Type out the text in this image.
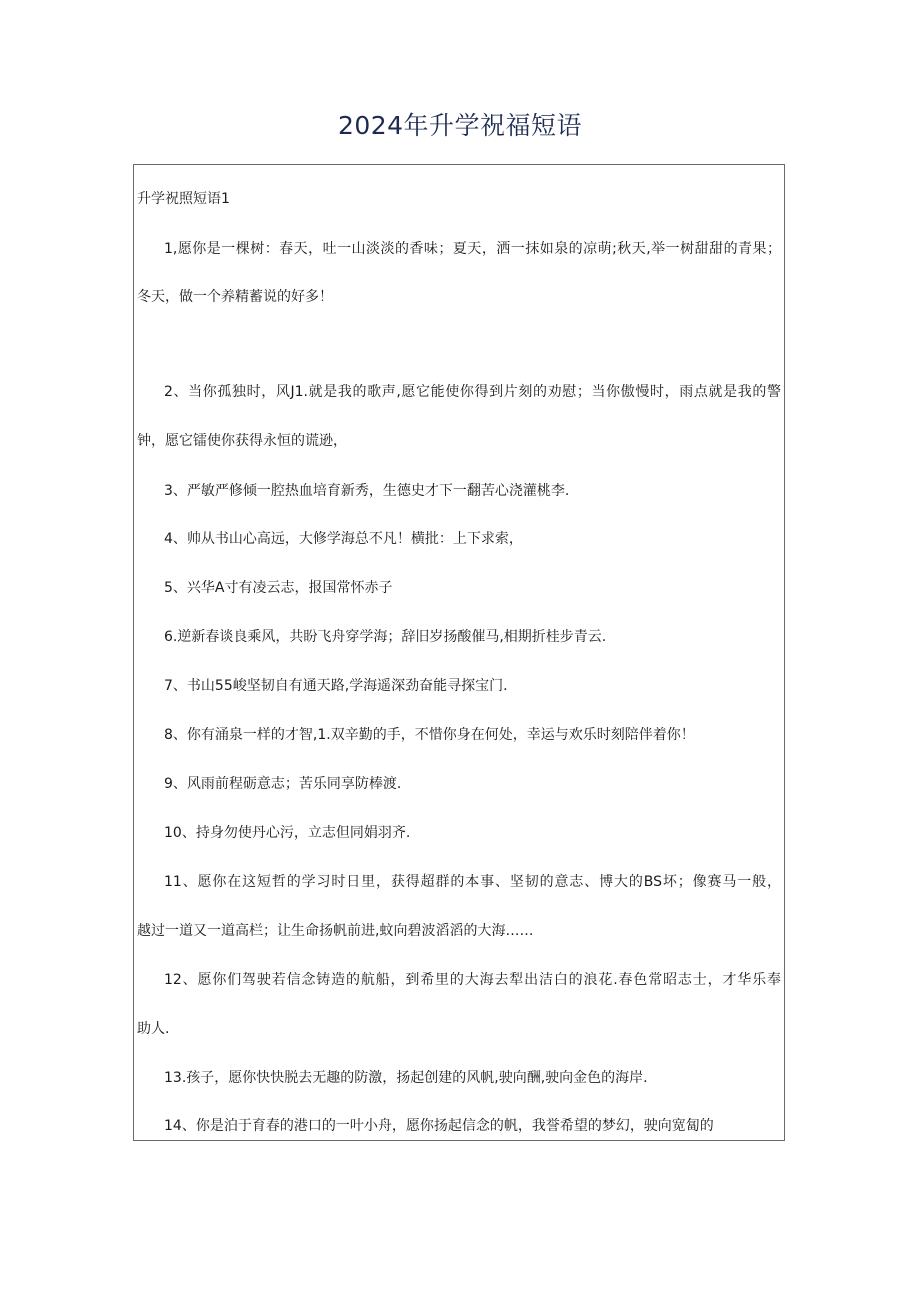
2024年升学祝福短语
升学祝照短语1
1,愿你是一棵树：春天，吐一山淡淡的香味；夏天，洒一抹如泉的凉萌;秋天,举一树甜甜的青果；
冬天，做一个养精蓄说的好多！
2、当你孤独时，风J1.就是我的歌声,愿它能使你得到片刻的劝慰；当你傲慢时，雨点就是我的警
钟，愿它镭使你获得永恒的谎逊，
3、严敏严修倾一腔热血培育新秀，生德史才下一翻苦心浇灌桃李.
4、帅从书山心高远，大修学海总不凡！横批：上下求索，
5、兴华A寸有凌云志，报国常怀赤子
6.逆新春谈良乘风，共盼飞舟穿学海；辞旧岁扬酸催马,相期折桂步青云.
7、书山55峻坚韧自有通天路,学海遥深劲奋能寻探宝门.
8、你有涌泉一样的才智,1.双辛勤的手，不惜你身在何处，幸运与欢乐时刻陪伴着你！
9、风雨前程砺意志；苦乐同享防棒渡.
10、持身勿使丹心污，立志但同娟羽齐.
11、愿你在这短哲的学习时日里，获得超群的本事、坚韧的意志、博大的BS坏；像赛马一般，
越过一道又一道高栏；让生命扬帆前进,蚊向碧波滔滔的大海……
12、愿你们驾驶若信念铸造的航船，到希里的大海去犁出洁白的浪花.春色常昭志士，才华乐奉
助人.
13.孩子，愿你快快脱去无趣的防激，扬起创建的风帆,驶向酬,驶向金色的海岸.
14、你是泊于育春的港口的一叶小舟，愿你扬起信念的帆，我誉希望的梦幻，驶向宽匐的
